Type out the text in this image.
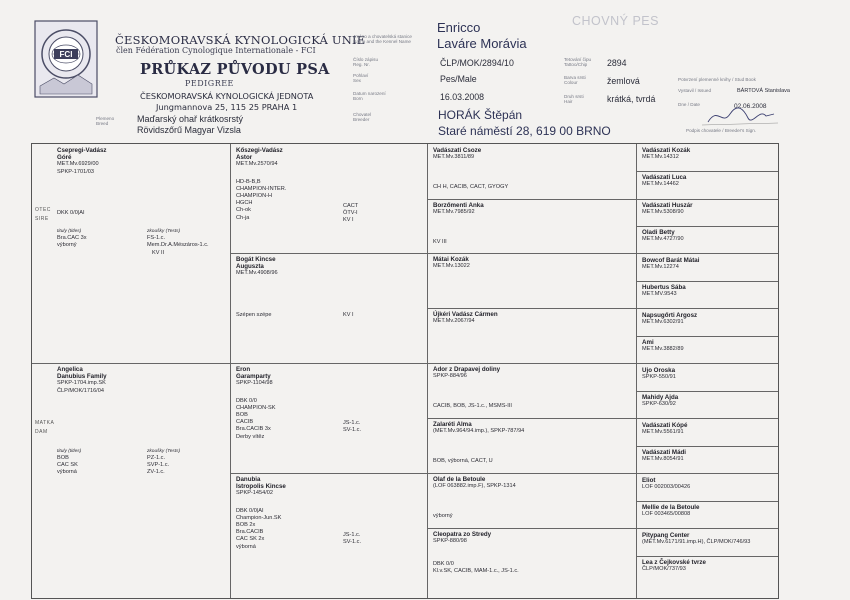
FCI
ČESKOMORAVSKÁ KYNOLOGICKÁ UNIE
člen Fédération Cynologique Internationale - FCI
PRŮKAZ PŮVODU PSA
PEDIGREE
ČESKOMORAVSKÁ KYNOLOGICKÁ JEDNOTA
Jungmannova 25, 115 25 PRAHA 1
CHOVNÝ PES
Jméno a chovatelská stanice
Name and the Kennel Name
Číslo zápisu
Reg. Nr.
Pohlaví
Sex
Datum narození
Born
Chovatel
Breeder
Plemeno
Breed
Tetování čipu
Tattoo/Chip
Barva srsti
Colour
Druh srsti
Hair
Potvrzení plemenné knihy / Stud Book
Vystavil / Issued
Dne / Date
Podpis chovatele / Breeder's Sign.
Enricco
Laváre Morávia
ČLP/MOK/2894/10
Pes/Male
16.03.2008
HORÁK Štěpán
Staré náměstí 28, 619 00 BRNO
Maďarský ohař krátkosrstý
Rövidszőrű Magyar Vizsla
2894
žemlová
krátká, tvrdá
BÁRTOVÁ Stanislava
02.06.2008
OTEC SIRE
MATKA DAM
Csepregi-Vadász
Góré
MET.Mv.6929/00
SPKP-1701/03
DKK 0/0|AI
tituly (titles)
Bra.CAC 3x
výborný
zkoušky (Tests)
FS-1.c.
Mem.Dr.A.Mészáros-1.c.
KV II
Angelica
Danubius Family
SPKP-1704.imp.SK
ČLP/MOK/1716/04
tituly (titles)
BOB
CAC SK
výborná
zkoušky (Tests)
PZ-1.c.
SVP-1.c.
ZV-1.c.
Kőszegi-Vadász
Astor
MET.Mv.2570/94
HD-B-B,B
CHAMPION-INTER.
CHAMPION-H
HGCH
Ch-ok
Ch-ja
CACT
ÖTV-I
KV I
Bogát Kincse
Auguszta
MET.Mv.4908/96
Szépen szépe	KV I
Eron
Garamparty
SPKP-1104/98
DBK 0/0
CHAMPION-SK
BOB
CACIB
Bra.CACIB 3x
Derby vítěz
JS-1.c.
SV-1.c.
Danubia
Istropolis Kincse
SPKP-1454/02
DBK 0/0|AI
Champion-Jun.SK
BOB 2x
Bra.CACIB
CAC SK 2x
výborná
JS-1.c.
SV-1.c.
Vadászati Csoze
MET.Mv.3811/89
CH H, CACIB, CACT, GYOGY
Borzőmenti Anka
MET.Mv.7985/92
KV III
Mátai Kozák
MET.Mv.13022
Újkéri Vadász Cármen
MET.Mv.2067/94
Ador z Drapavej doliny
SPKP-884/96
CACIB, BOB, JS-1.c., MSMS-III
Zalaréti Alma
(MET.Mv.964/94.imp.), SPKP-787/94
BOB, výborná, CACT, U
Olaf de la Betoule
(LOF 063882.imp.F), SPKP-1314
výborný
Cleopatra zo Stredy
SPKP-880/98
DBK 0/0
Kl.v.SK, CACIB, MAM-1.c., JS-1.c.
Vadászati Kozák
MET.Mv.14312
Vadászati Luca
MET.Mv.14462
Vadászati Huszár
MET.Mv.5308/90
Oladi Betty
MET.Mv.4727/90
Bowcof Barát Mátai
MET.Mv.12274
Hubertus Sába
MET.MV.9543
Napsugőrti Argosz
MET.Mv.6302/91
Ami
MET.Mv.3882/89
Ujo Oroska
SPKP-550/91
Mahidy Ajda
SPKP-630/92
Vadászati Kópé
MET.Mv.5561/91
Vadászati Mádi
MET.Mv.8054/91
Eliot
LOF 002003/00426
Mellie de la Betoule
LOF 003465/00808
Pitypang Center
(MET.Mv.6171/91.imp.H), ČLP/MOK/746/93
Lea z Čejkovské tvrze
ČLP/MOK/737/93
